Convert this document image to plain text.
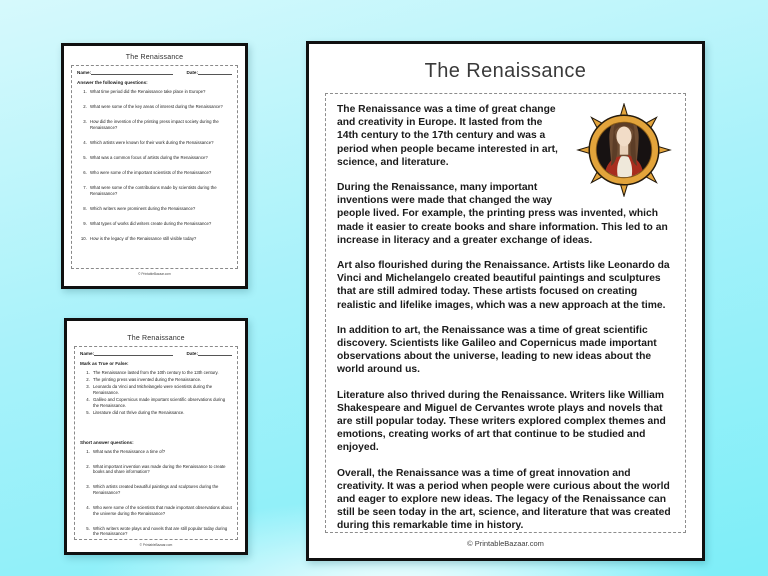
The Renaissance
Name:	Date:
Answer the following questions:
1. What time period did the Renaissance take place in Europe?
2. What were some of the key areas of interest during the Renaissance?
3. How did the invention of the printing press impact society during the Renaissance?
4. Which artists were known for their work during the Renaissance?
5. What was a common focus of artists during the Renaissance?
6. Who were some of the important scientists of the Renaissance?
7. What were some of the contributions made by scientists during the Renaissance?
8. Which writers were prominent during the Renaissance?
9. What types of works did writers create during the Renaissance?
10. How is the legacy of the Renaissance still visible today?
© PrintableBazaar.com
The Renaissance
Name:	Date:
Mark as True or False:
1. The Renaissance lasted from the 10th century to the 13th century.
2. The printing press was invented during the Renaissance.
3. Leonardo da Vinci and Michelangelo were scientists during the Renaissance.
4. Galileo and Copernicus made important scientific observations during the Renaissance.
5. Literature did not thrive during the Renaissance.
Short answer questions:
1. What was the Renaissance a time of?
2. What important invention was made during the Renaissance to create books and share information?
3. Which artists created beautiful paintings and sculptures during the Renaissance?
4. Who were some of the scientists that made important observations about the universe during the Renaissance?
5. Which writers wrote plays and novels that are still popular today during the Renaissance?
© PrintableBazaar.com
The Renaissance

The Renaissance was a time of great change and creativity in Europe. It lasted from the 14th century to the 17th century and was a period when people became interested in art, science, and literature.

During the Renaissance, many important inventions were made that changed the way people lived. For example, the printing press was invented, which made it easier to create books and share information. This led to an increase in literacy and a greater exchange of ideas.

Art also flourished during the Renaissance. Artists like Leonardo da Vinci and Michelangelo created beautiful paintings and sculptures that are still admired today. These artists focused on creating realistic and lifelike images, which was a new approach at the time.

In addition to art, the Renaissance was a time of great scientific discovery. Scientists like Galileo and Copernicus made important observations about the universe, leading to new ideas about the world around us.

Literature also thrived during the Renaissance. Writers like William Shakespeare and Miguel de Cervantes wrote plays and novels that are still popular today. These writers explored complex themes and emotions, creating works of art that continue to be studied and enjoyed.

Overall, the Renaissance was a time of great innovation and creativity. It was a period when people were curious about the world and eager to explore new ideas. The legacy of the Renaissance can still be seen today in the art, science, and literature that was created during this remarkable time in history.

© PrintableBazaar.com
